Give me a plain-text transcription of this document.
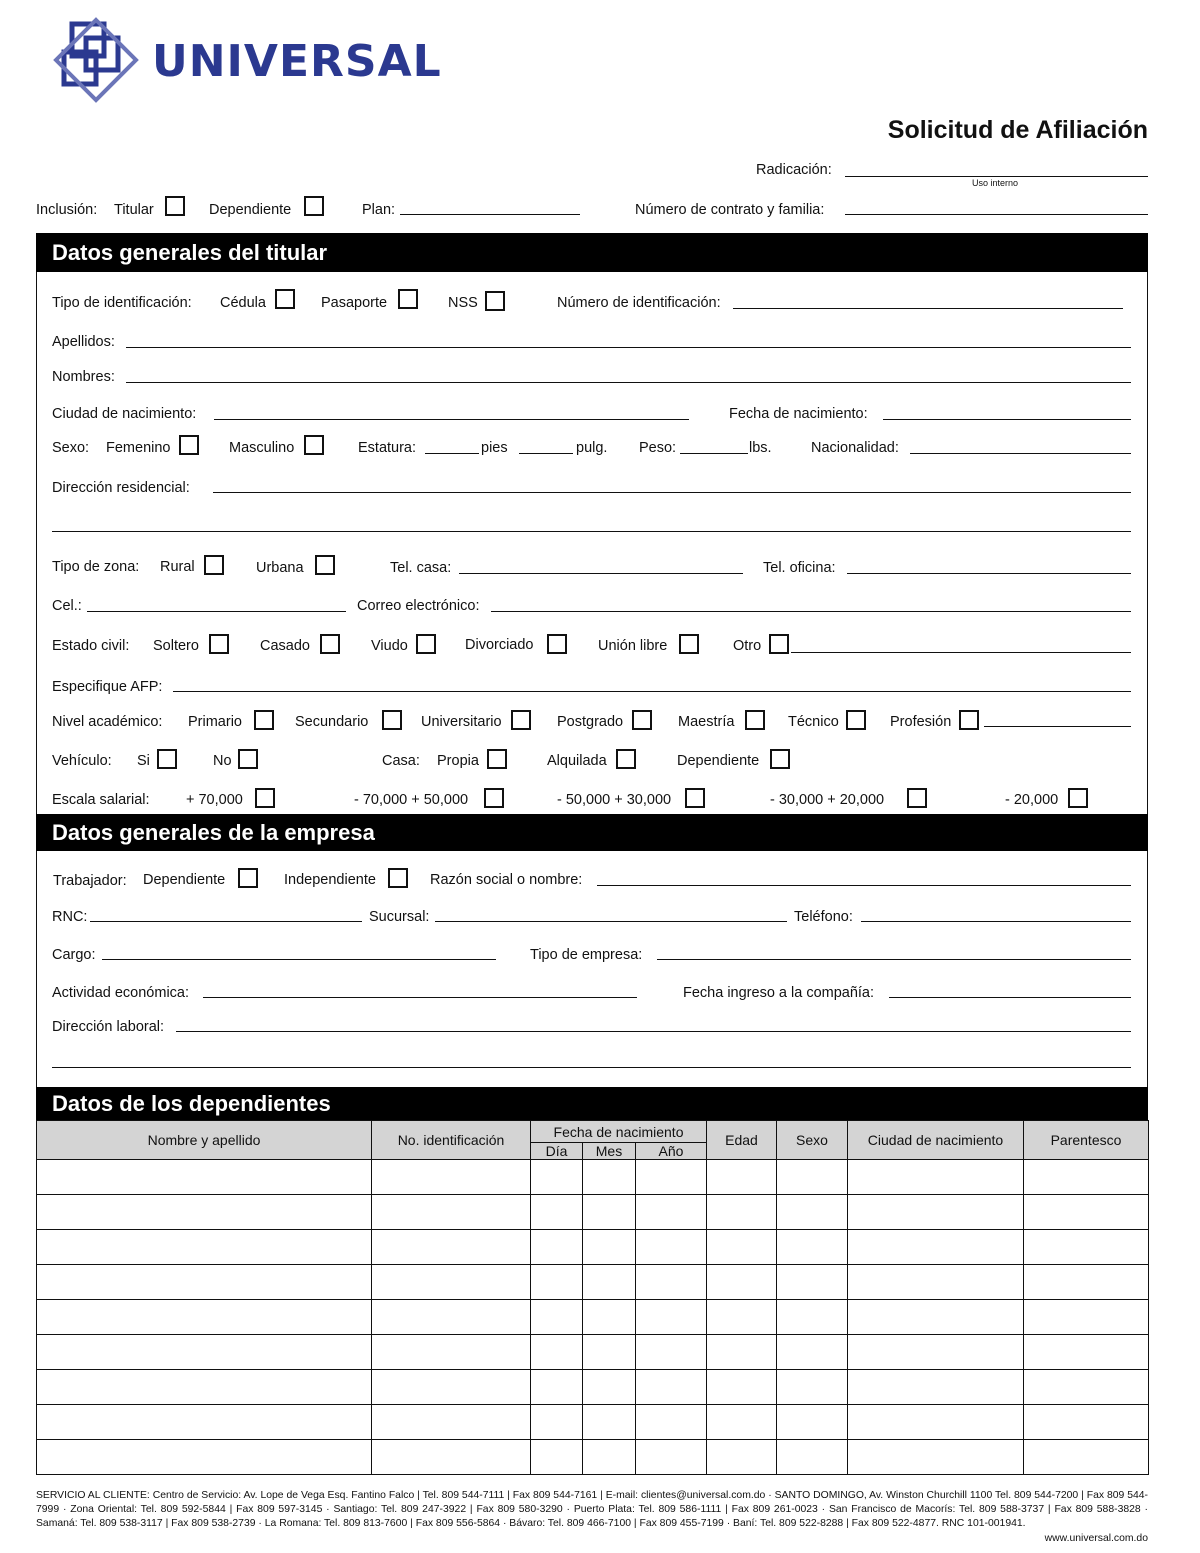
UNIVERSAL
Solicitud de Afiliación
Radicación:
Uso interno
Inclusión: Titular	Dependiente	Plan:	Número de contrato y familia:
Datos generales del titular
Tipo de identificación: Cédula	Pasaporte	NSS	Número de identificación:
Apellidos:
Nombres:
Ciudad de nacimiento:	Fecha de nacimiento:
Sexo: Femenino	Masculino	Estatura:	pies	pulg. Peso:	lbs.	Nacionalidad:
Dirección residencial:
Tipo de zona: Rural	Urbana	Tel. casa:	Tel. oficina:
Cel.:	Correo electrónico:
Estado civil: Soltero	Casado	Viudo	Divorciado	Unión libre	Otro
Especifique AFP:
Nivel académico: Primario	Secundario	Universitario	Postgrado	Maestría	Técnico	Profesión
Vehículo: Si	No	Casa: Propia	Alquilada	Dependiente
Escala salarial:	+ 70,000	- 70,000 + 50,000	- 50,000 + 30,000	- 30,000 + 20,000	- 20,000
Datos generales de la empresa
Trabajador: Dependiente	Independiente	Razón social o nombre:
RNC:	Sucursal:	Teléfono:
Cargo:	Tipo de empresa:
Actividad económica:	Fecha ingreso a la compañía:
Dirección laboral:
Datos de los dependientes
Nombre y apellido	No. identificación	Fecha de nacimiento			Edad	Sexo	Ciudad de nacimiento	Parentesco
		Día	Mes	Año				

SERVICIO AL CLIENTE: Centro de Servicio: Av. Lope de Vega Esq. Fantino Falco | Tel. 809 544-7111 | Fax 809 544-7161 | E-mail: clientes@universal.com.do · SANTO DOMINGO, Av. Winston Churchill 1100 Tel. 809 544-7200 | Fax 809 544-7999 · Zona Oriental: Tel. 809 592-5844 | Fax 809 597-3145 · Santiago: Tel. 809 247-3922 | Fax 809 580-3290 · Puerto Plata: Tel. 809 586-1111 | Fax 809 261-0023 · San Francisco de Macorís: Tel. 809 588-3737 | Fax 809 588-3828 · Samaná: Tel. 809 538-3117 | Fax 809 538-2739 · La Romana: Tel. 809 813-7600 | Fax 809 556-5864 · Bávaro: Tel. 809 466-7100 | Fax 809 455-7199 · Baní: Tel. 809 522-8288 | Fax 809 522-4877. RNC 101-001941.
www.universal.com.do
